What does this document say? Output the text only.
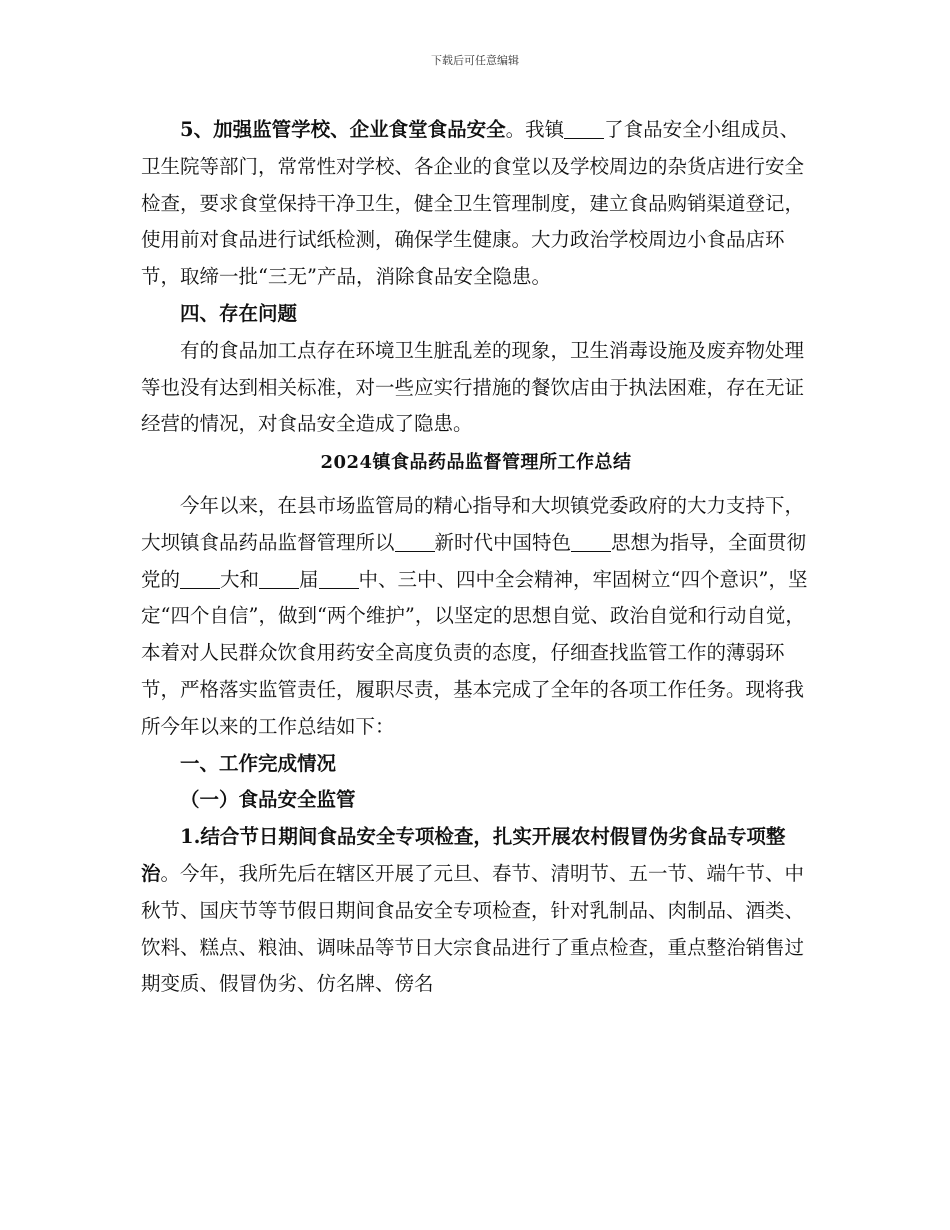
下载后可任意编辑

5、加强监管学校、企业食堂食品安全。我镇 了食品安全小组成员、卫生院等部门，常常性对学校、各企业的食堂以及学校周边的杂货店进行安全检查，要求食堂保持干净卫生，健全卫生管理制度，建立食品购销渠道登记，使用前对食品进行试纸检测，确保学生健康。大力政治学校周边小食品店环节，取缔一批“三无”产品，消除食品安全隐患。

四、存在问题

有的食品加工点存在环境卫生脏乱差的现象，卫生消毒设施及废弃物处理等也没有达到相关标准，对一些应实行措施的餐饮店由于执法困难，存在无证经营的情况，对食品安全造成了隐患。

2024镇食品药品监督管理所工作总结

今年以来，在县市场监管局的精心指导和大坝镇党委政府的大力支持下，大坝镇食品药品监督管理所以 新时代中国特色 思想为指导，全面贯彻党的 大和 届 中、三中、四中全会精神，牢固树立“四个意识”，坚定“四个自信”，做到“两个维护”，以坚定的思想自觉、政治自觉和行动自觉，本着对人民群众饮食用药安全高度负责的态度，仔细查找监管工作的薄弱环节，严格落实监管责任，履职尽责，基本完成了全年的各项工作任务。现将我所今年以来的工作总结如下：

一、工作完成情况

（一）食品安全监管

1.结合节日期间食品安全专项检查，扎实开展农村假冒伪劣食品专项整治。今年，我所先后在辖区开展了元旦、春节、清明节、五一节、端午节、中秋节、国庆节等节假日期间食品安全专项检查，针对乳制品、肉制品、酒类、饮料、糕点、粮油、调味品等节日大宗食品进行了重点检查，重点整治销售过期变质、假冒伪劣、仿名牌、傍名
